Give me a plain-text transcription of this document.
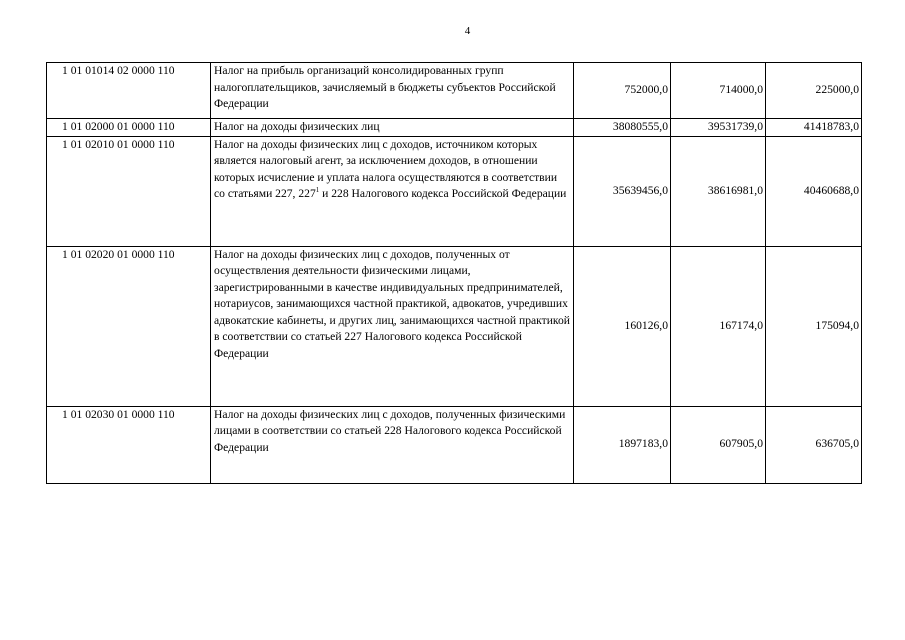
4
1 01 01014 02 0000 110	Налог на прибыль организаций консолидированных групп налогоплательщиков, зачисляемый в бюджеты субъектов Российской Федерации	752000,0	714000,0	225000,0
1 01 02000 01 0000 110	Налог на доходы физических лиц	38080555,0	39531739,0	41418783,0
1 01 02010 01 0000 110	Налог на доходы физических лиц с доходов, источником которых является налоговый агент, за исключением доходов, в отношении которых исчисление и уплата налога осуществляются в соответствии со статьями 227, $227^1$ и 228 Налогового кодекса Российской Федерации	35639456,0	38616981,0	40460688,0
1 01 02020 01 0000 110	Налог на доходы физических лиц с доходов, полученных от осуществления деятельности физическими лицами, зарегистрированными в качестве индивидуальных предпринимателей, нотариусов, занимающихся частной практикой, адвокатов, учредивших адвокатские кабинеты, и других лиц, занимающихся частной практикой в соответствии со статьей 227 Налогового кодекса Российской Федерации	160126,0	167174,0	175094,0
1 01 02030 01 0000 110	Налог на доходы физических лиц с доходов, полученных физическими лицами в соответствии со статьей 228 Налогового кодекса Российской Федерации	1897183,0	607905,0	636705,0
